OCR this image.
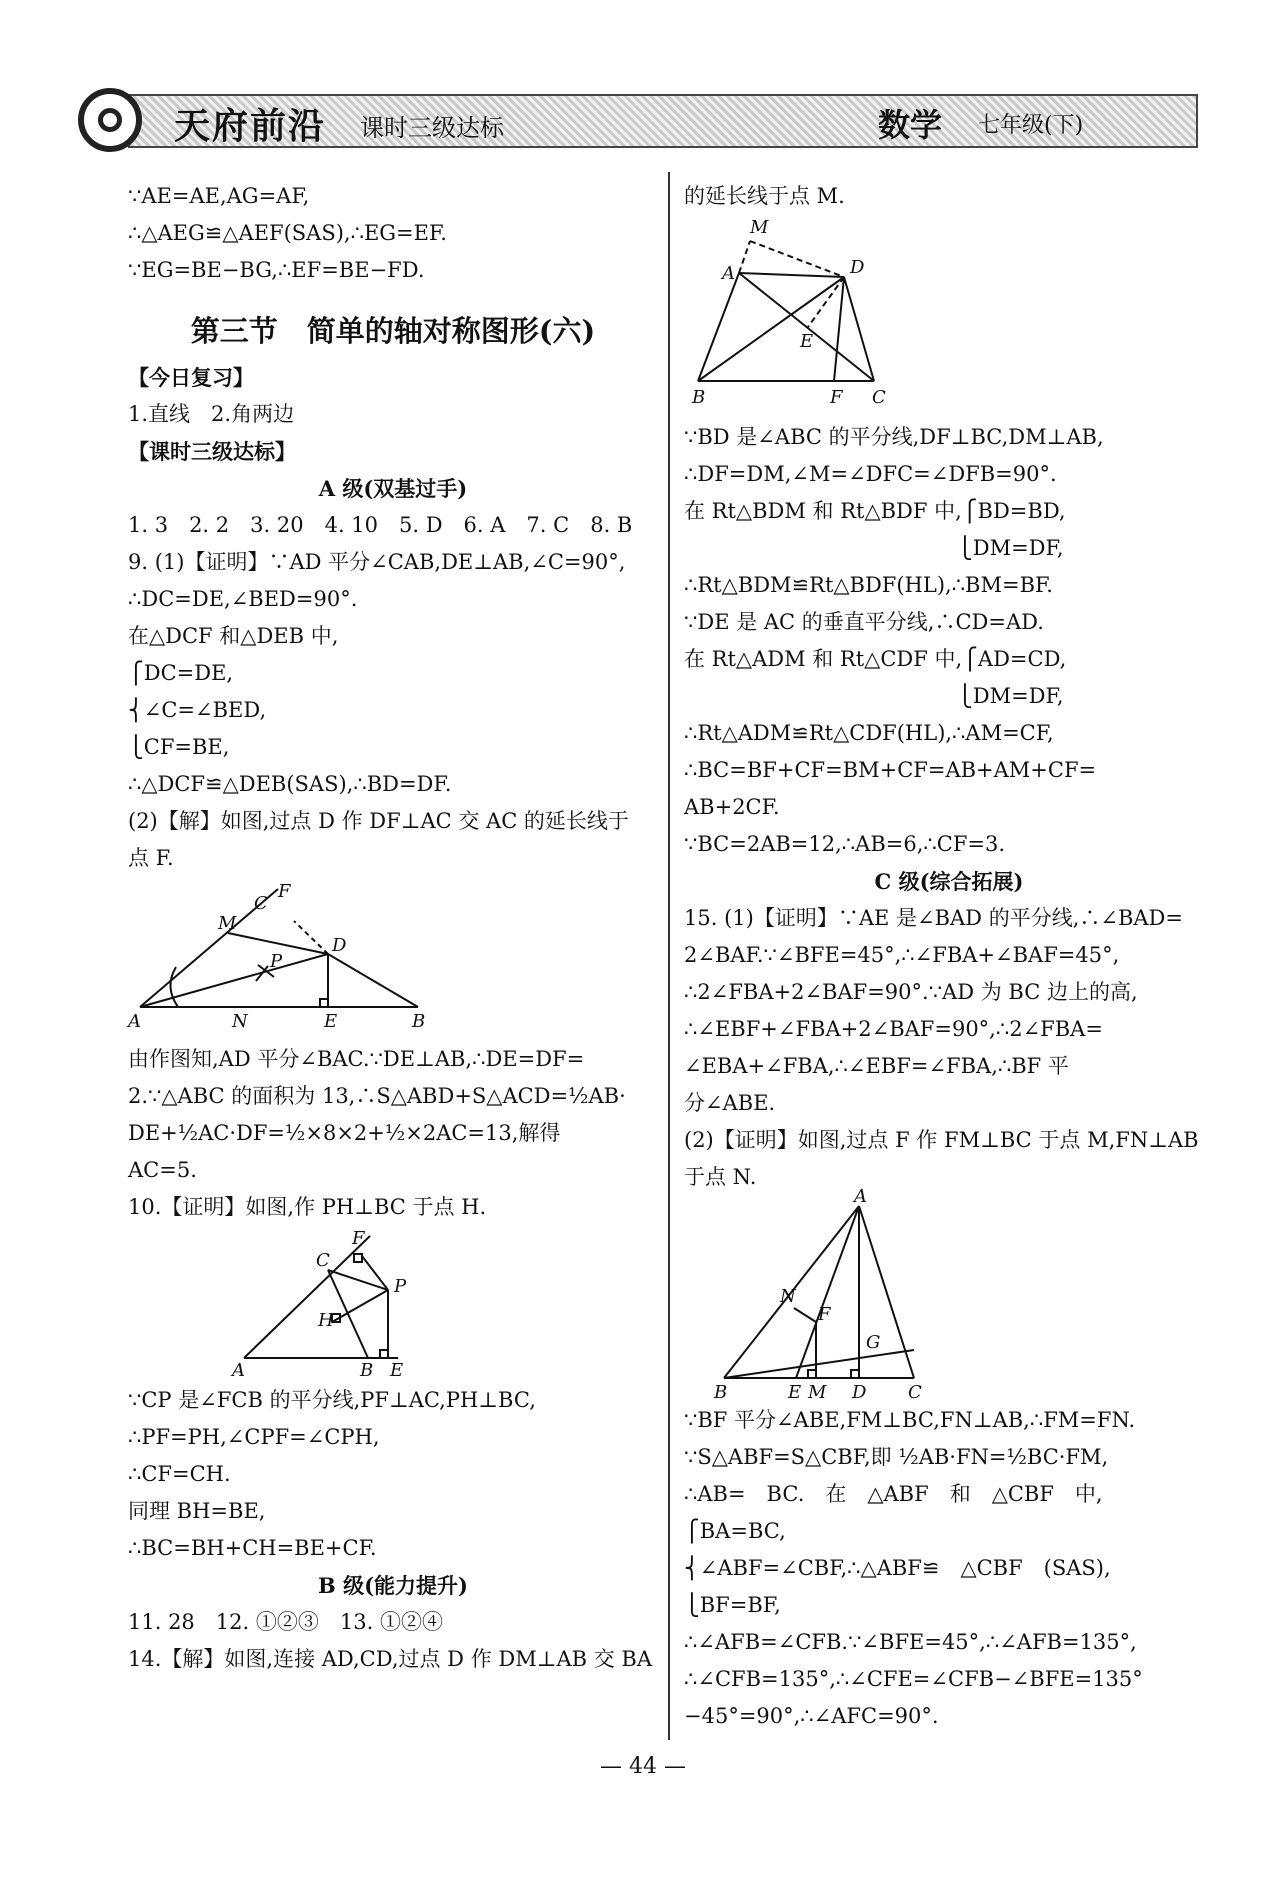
天府前沿 课时三级达标	数学 七年级(下)
∵AE=AE,AG=AF,
∴△AEG≌△AEF(SAS),∴EG=EF.
∵EG=BE−BG,∴EF=BE−FD.
第三节　简单的轴对称图形(六)
【今日复习】
1.直线　2.角两边
【课时三级达标】
A 级(双基过手)
1. 3　2. 2　3. 20　4. 10　5. D　6. A　7. C　8. B
9. (1)【证明】∵AD 平分∠CAB,DE⊥AB,∠C=90°,
∴DC=DE,∠BED=90°.
在△DCF 和△DEB 中,
⎧DC=DE,
⎨∠C=∠BED,
⎩CF=BE,
∴△DCF≌△DEB(SAS),∴BD=DF.
(2)【解】如图,过点 D 作 DF⊥AC 交 AC 的延长线于
点 F.
A
M
P
N	E	B
D
C
F
由作图知,AD 平分∠BAC.∵DE⊥AB,∴DE=DF=
2.∵△ABC 的面积为 13,∴S△ABD+S△ACD=½AB·
DE+½AC·DF=½×8×2+½×2AC=13,解得
AC=5.
10.【证明】如图,作 PH⊥BC 于点 H.
A	B E
C
F
P
H
∵CP 是∠FCB 的平分线,PF⊥AC,PH⊥BC,
∴PF=PH,∠CPF=∠CPH,
∴CF=CH.
同理 BH=BE,
∴BC=BH+CH=BE+CF.
B 级(能力提升)
11. 28　12. ①②③　13. ①②④
14.【解】如图,连接 AD,CD,过点 D 作 DM⊥AB 交 BA
的延长线于点 M.
M
A	D
E
B	F C
∵BD 是∠ABC 的平分线,DF⊥BC,DM⊥AB,
∴DF=DM,∠M=∠DFC=∠DFB=90°.
在 Rt△BDM 和 Rt△BDF 中,⎧BD=BD,
　　　　　　　　　　　　　⎩DM=DF,
∴Rt△BDM≌Rt△BDF(HL),∴BM=BF.
∵DE 是 AC 的垂直平分线,∴CD=AD.
在 Rt△ADM 和 Rt△CDF 中,⎧AD=CD,
　　　　　　　　　　　　　⎩DM=DF,
∴Rt△ADM≌Rt△CDF(HL),∴AM=CF,
∴BC=BF+CF=BM+CF=AB+AM+CF=
AB+2CF.
∵BC=2AB=12,∴AB=6,∴CF=3.
C 级(综合拓展)
15. (1)【证明】∵AE 是∠BAD 的平分线,∴∠BAD=
2∠BAF.∵∠BFE=45°,∴∠FBA+∠BAF=45°,
∴2∠FBA+2∠BAF=90°.∵AD 为 BC 边上的高,
∴∠EBF+∠FBA+2∠BAF=90°,∴2∠FBA=
∠EBA+∠FBA,∴∠EBF=∠FBA,∴BF 平
分∠ABE.
(2)【证明】如图,过点 F 作 FM⊥BC 于点 M,FN⊥AB
于点 N.
A
N
F
G
B	E M D C
∵BF 平分∠ABE,FM⊥BC,FN⊥AB,∴FM=FN.
∵S△ABF=S△CBF,即 ½AB·FN=½BC·FM,
∴AB=　BC.　在　△ABF　和　△CBF　中,
⎧BA=BC,
⎨∠ABF=∠CBF,∴△ABF≌　△CBF　(SAS),
⎩BF=BF,
∴∠AFB=∠CFB.∵∠BFE=45°,∴∠AFB=135°,
∴∠CFB=135°,∴∠CFE=∠CFB−∠BFE=135°
−45°=90°,∴∠AFC=90°.
— 44 —
